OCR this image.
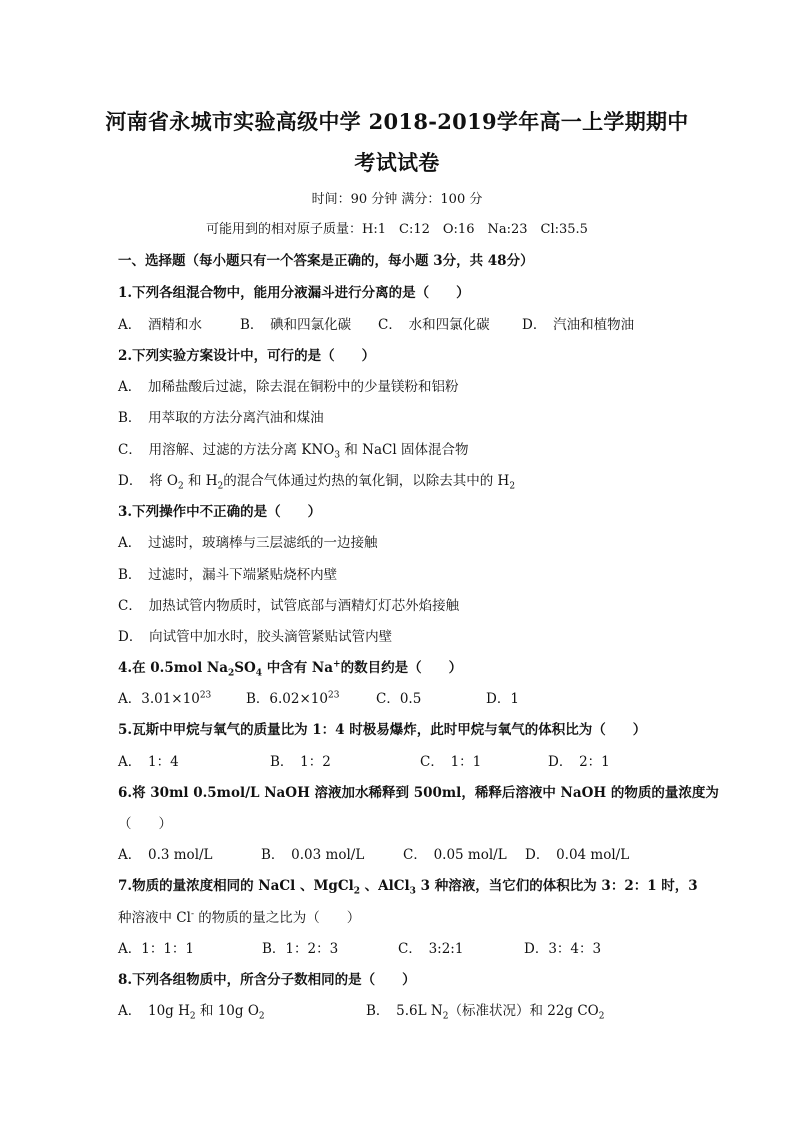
河南省永城市实验高级中学 2018-2019学年高一上学期期中
考试试卷
时间：90 分钟 满分：100 分
可能用到的相对原子质量：H:1　C:12　O:16　Na:23　Cl:35.5
一、选择题（每小题只有一个答案是正确的，每小题 3分，共 48分）
1.下列各组混合物中，能用分液漏斗进行分离的是（　　）
A．　酒精和水	B．　碘和四氯化碳 C．　水和四氯化碳 D．　汽油和植物油
2.下列实验方案设计中，可行的是（　　）
A．　加稀盐酸后过滤，除去混在铜粉中的少量镁粉和铝粉
B．　用萃取的方法分离汽油和煤油
C．　用溶解、过滤的方法分离 $KNO_3$ 和 NaCl 固体混合物
D．　将 $O_2$ 和 $H_2$的混合气体通过灼热的氧化铜，以除去其中的 $H_2$
3.下列操作中不正确的是（　　）
A．　过滤时，玻璃棒与三层滤纸的一边接触
B．　过滤时，漏斗下端紧贴烧杯内壁
C．　加热试管内物质时，试管底部与酒精灯灯芯外焰接触
D．　向试管中加水时，胶头滴管紧贴试管内壁
4.在 0.5mol $Na_2SO_4$ 中含有 Na+的数目约是（　　）
A．$3.01\times 10^{23}$	B．$6.02\times 10^{23}$	C．0.5	D．1
5.瓦斯中甲烷与氧气的质量比为 1：4 时极易爆炸，此时甲烷与氧气的体积比为（　　）
A．　1：4	B．　1：2	C．　1：1	D．　2：1
6.将 30ml 0.5mol/L NaOH 溶液加水稀释到 500ml，稀释后溶液中 NaOH 的物质的量浓度为
（　　）
A．　0.3 mol/L	B．　0.03 mol/L	C．　0.05 mol/L D．　0.04 mol/L
7.物质的量浓度相同的 NaCl 、MgCl$_2$ 、AlCl$_3$ 3 种溶液，当它们的体积比为 3：2：1 时，3
种溶液中 Cl- 的物质的量之比为（　　）
A．1：1：1	B．1：2：3	C．　3:2:1	D．3：4：3
8.下列各组物质中，所含分子数相同的是（　　）
A．　10g $H_2$ 和 10g $O_2$	B．　5.6L $N_2$（标准状况）和 22g $CO_2$
